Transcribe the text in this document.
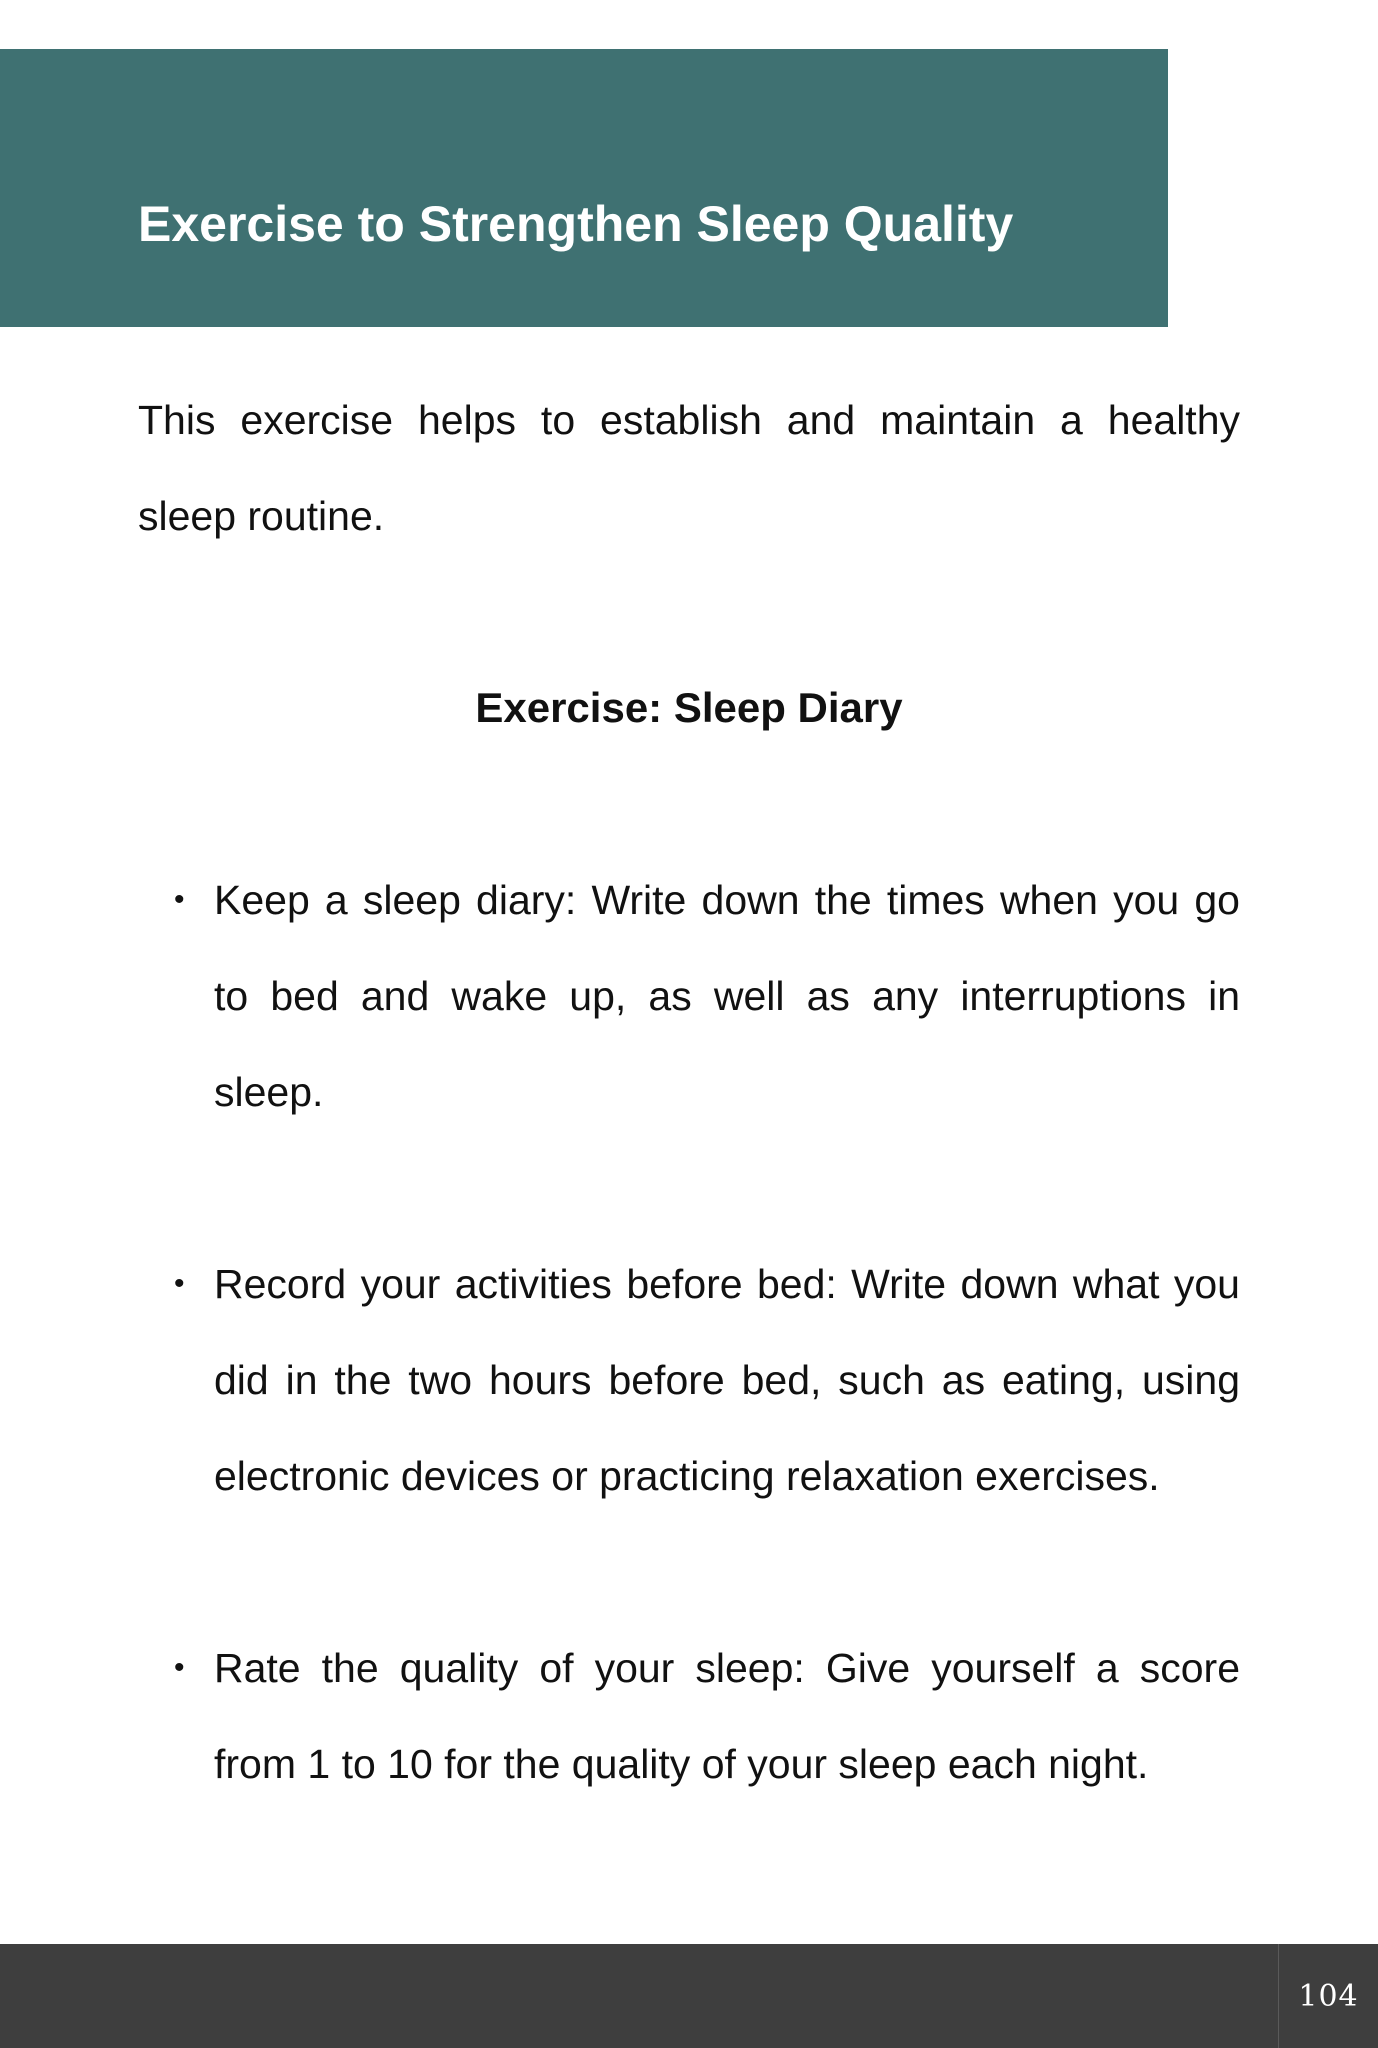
Exercise to Strengthen Sleep Quality

This exercise helps to establish and maintain a healthy sleep routine.

Exercise: Sleep Diary
• Keep a sleep diary: Write down the times when you go to bed and wake up, as well as any interruptions in sleep.
• Record your activities before bed: Write down what you did in the two hours before bed, such as eating, using electronic devices or practicing relaxation exercises.
• Rate the quality of your sleep: Give yourself a score from 1 to 10 for the quality of your sleep each night.
104
